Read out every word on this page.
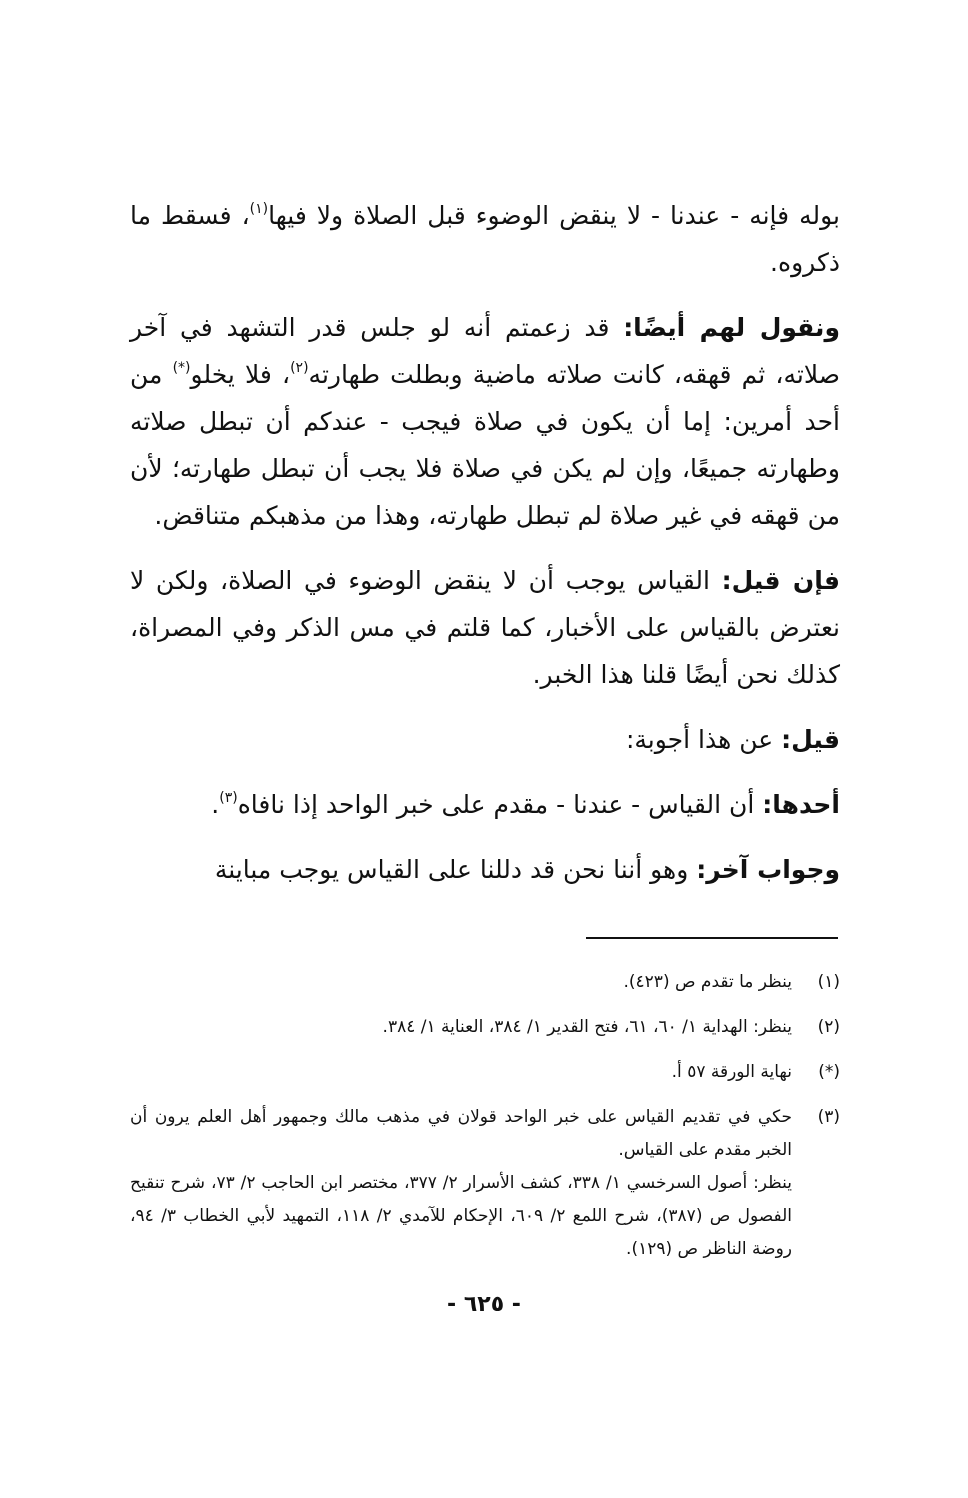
بوله فإنه - عندنا - لا ينقض الوضوء قبل الصلاة ولا فيها$^{(١)}$، فسقط ما ذكروه.

ونقول لهم أيضًا: قد زعمتم أنه لو جلس قدر التشهد في آخر صلاته، ثم قهقه، كانت صلاته ماضية وبطلت طهارته$^{(٢)}$، فلا يخلو(*) من أحد أمرين: إما أن يكون في صلاة فيجب - عندكم أن تبطل صلاته وطهارته جميعًا، وإن لم يكن في صلاة فلا يجب أن تبطل طهارته؛ لأن من قهقه في غير صلاة لم تبطل طهارته، وهذا من مذهبكم متناقض.

فإن قيل: القياس يوجب أن لا ينقض الوضوء في الصلاة، ولكن لا نعترض بالقياس على الأخبار، كما قلتم في مس الذكر وفي المصراة، كذلك نحن أيضًا قلنا هذا الخبر.

قيل: عن هذا أجوبة:

أحدها: أن القياس - عندنا - مقدم على خبر الواحد إذا نافاه$^{(٣)}$.

وجواب آخر: وهو أننا نحن قد دللنا على القياس يوجب مباينة

(١)
ينظر ما تقدم ص (٤٢٣).
(٢)
ينظر: الهداية ١/ ٦٠، ٦١، فتح القدير ١/ ٣٨٤، العناية ١/ ٣٨٤.
(*)
نهاية الورقة ٥٧ أ.
(٣)
حكي في تقديم القياس على خبر الواحد قولان في مذهب مالك وجمهور أهل العلم يرون أن الخبر مقدم على القياس.
ينظر: أصول السرخسي ١/ ٣٣٨، كشف الأسرار ٢/ ٣٧٧، مختصر ابن الحاجب ٢/ ٧٣، شرح تنقيح الفصول ص (٣٨٧)، شرح اللمع ٢/ ٦٠٩، الإحكام للآمدي ٢/ ١١٨، التمهيد لأبي الخطاب ٣/ ٩٤، روضة الناظر ص (١٢٩).
- ٦٢٥ -
